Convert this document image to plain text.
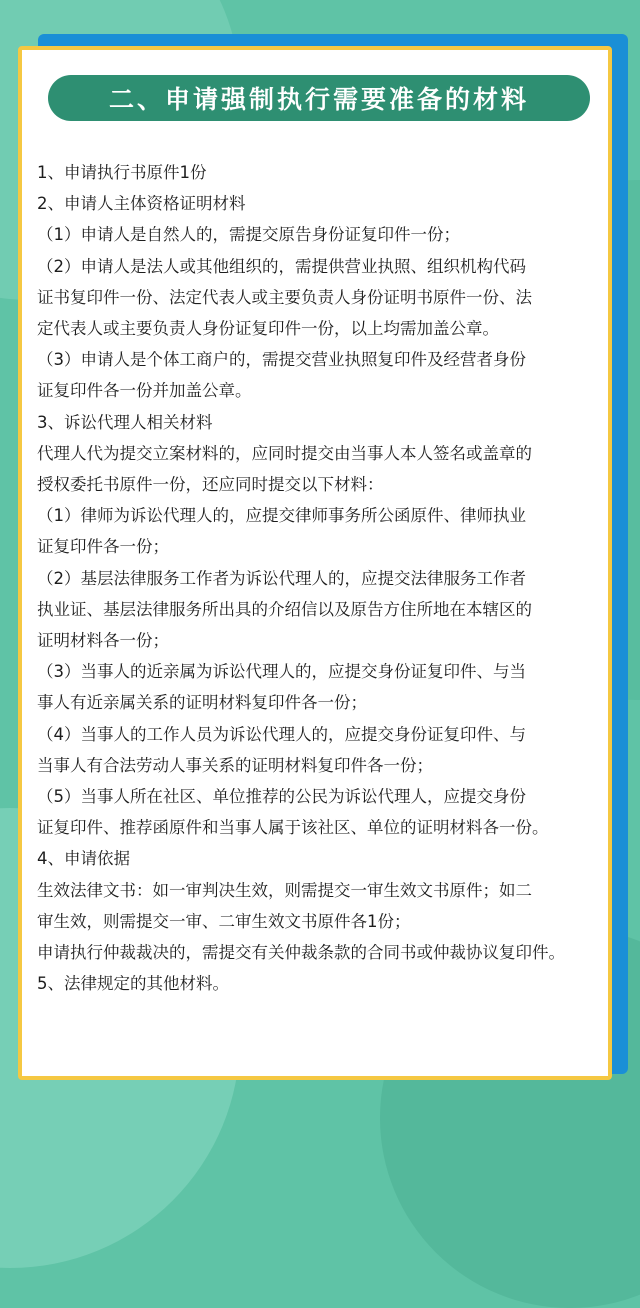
二、申请强制执行需要准备的材料

1、申请执行书原件1份

2、申请人主体资格证明材料

（1）申请人是自然人的，需提交原告身份证复印件一份；

（2）申请人是法人或其他组织的，需提供营业执照、组织机构代码

证书复印件一份、法定代表人或主要负责人身份证明书原件一份、法

定代表人或主要负责人身份证复印件一份，以上均需加盖公章。

（3）申请人是个体工商户的，需提交营业执照复印件及经营者身份

证复印件各一份并加盖公章。

3、诉讼代理人相关材料

代理人代为提交立案材料的，应同时提交由当事人本人签名或盖章的

授权委托书原件一份，还应同时提交以下材料：

（1）律师为诉讼代理人的，应提交律师事务所公函原件、律师执业

证复印件各一份；

（2）基层法律服务工作者为诉讼代理人的，应提交法律服务工作者

执业证、基层法律服务所出具的介绍信以及原告方住所地在本辖区的

证明材料各一份；

（3）当事人的近亲属为诉讼代理人的，应提交身份证复印件、与当

事人有近亲属关系的证明材料复印件各一份；

（4）当事人的工作人员为诉讼代理人的，应提交身份证复印件、与

当事人有合法劳动人事关系的证明材料复印件各一份；

（5）当事人所在社区、单位推荐的公民为诉讼代理人，应提交身份

证复印件、推荐函原件和当事人属于该社区、单位的证明材料各一份。

4、申请依据

生效法律文书：如一审判决生效，则需提交一审生效文书原件；如二

审生效，则需提交一审、二审生效文书原件各1份；

申请执行仲裁裁决的，需提交有关仲裁条款的合同书或仲裁协议复印件。

5、法律规定的其他材料。
